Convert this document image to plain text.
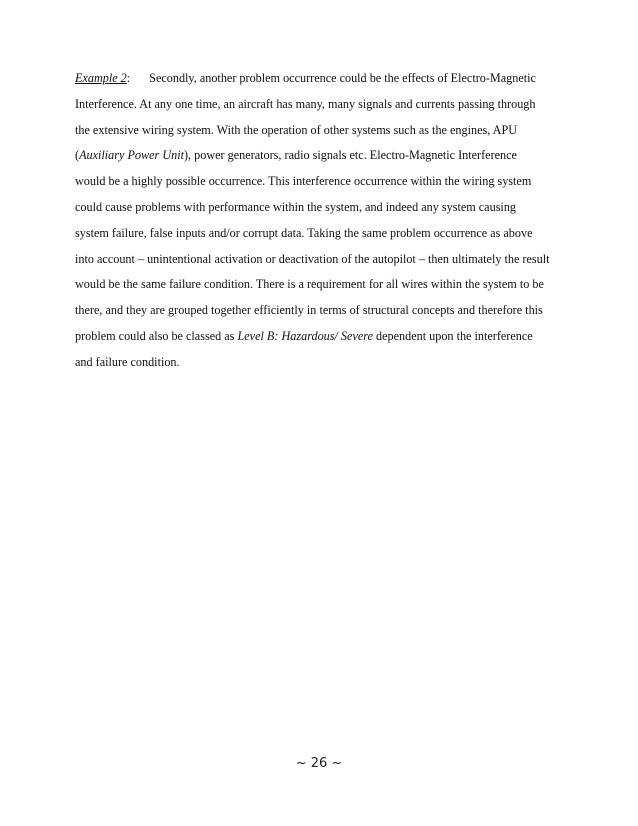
Example 2: Secondly, another problem occurrence could be the effects of Electro-Magnetic
Interference. At any one time, an aircraft has many, many signals and currents passing through
the extensive wiring system. With the operation of other systems such as the engines, APU
(Auxiliary Power Unit), power generators, radio signals etc. Electro-Magnetic Interference
would be a highly possible occurrence. This interference occurrence within the wiring system
could cause problems with performance within the system, and indeed any system causing
system failure, false inputs and/or corrupt data. Taking the same problem occurrence as above
into account – unintentional activation or deactivation of the autopilot – then ultimately the result
would be the same failure condition. There is a requirement for all wires within the system to be
there, and they are grouped together efficiently in terms of structural concepts and therefore this
problem could also be classed as Level B: Hazardous/ Severe dependent upon the interference
and failure condition.
~ 26 ~
